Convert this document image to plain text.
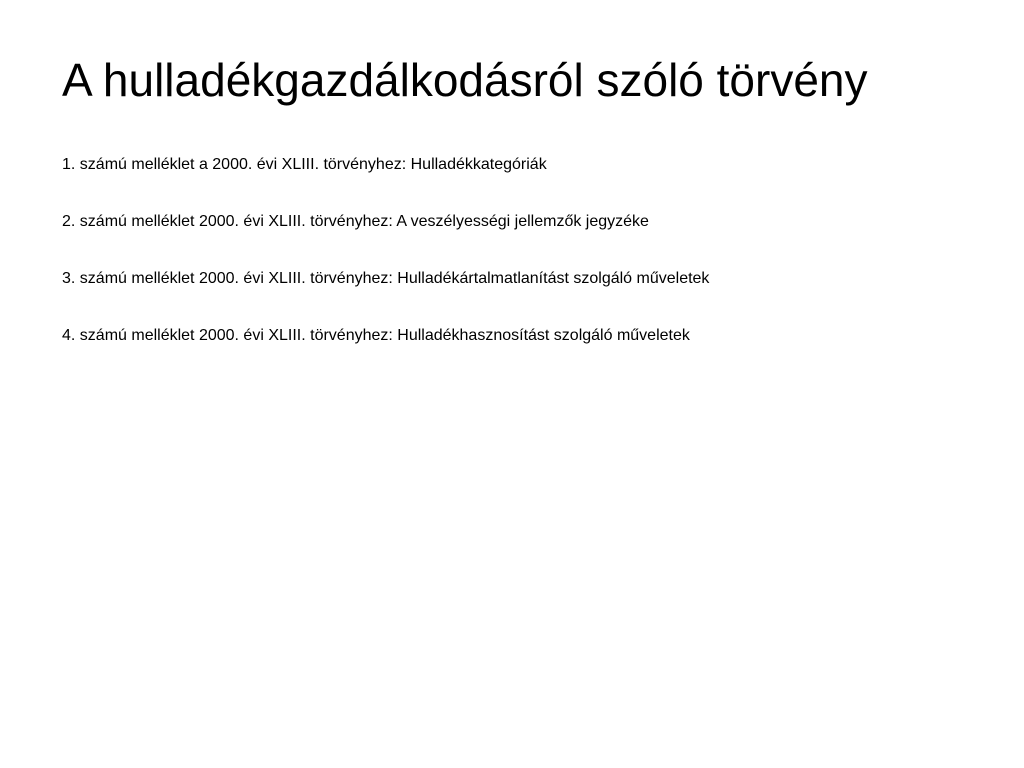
A hulladékgazdálkodásról szóló törvény

1. számú melléklet a 2000. évi XLIII. törvényhez: Hulladékkategóriák

2. számú melléklet 2000. évi XLIII. törvényhez: A veszélyességi jellemzők jegyzéke

3. számú melléklet 2000. évi XLIII. törvényhez: Hulladékártalmatlanítást szolgáló műveletek

4. számú melléklet 2000. évi XLIII. törvényhez: Hulladékhasznosítást szolgáló műveletek
